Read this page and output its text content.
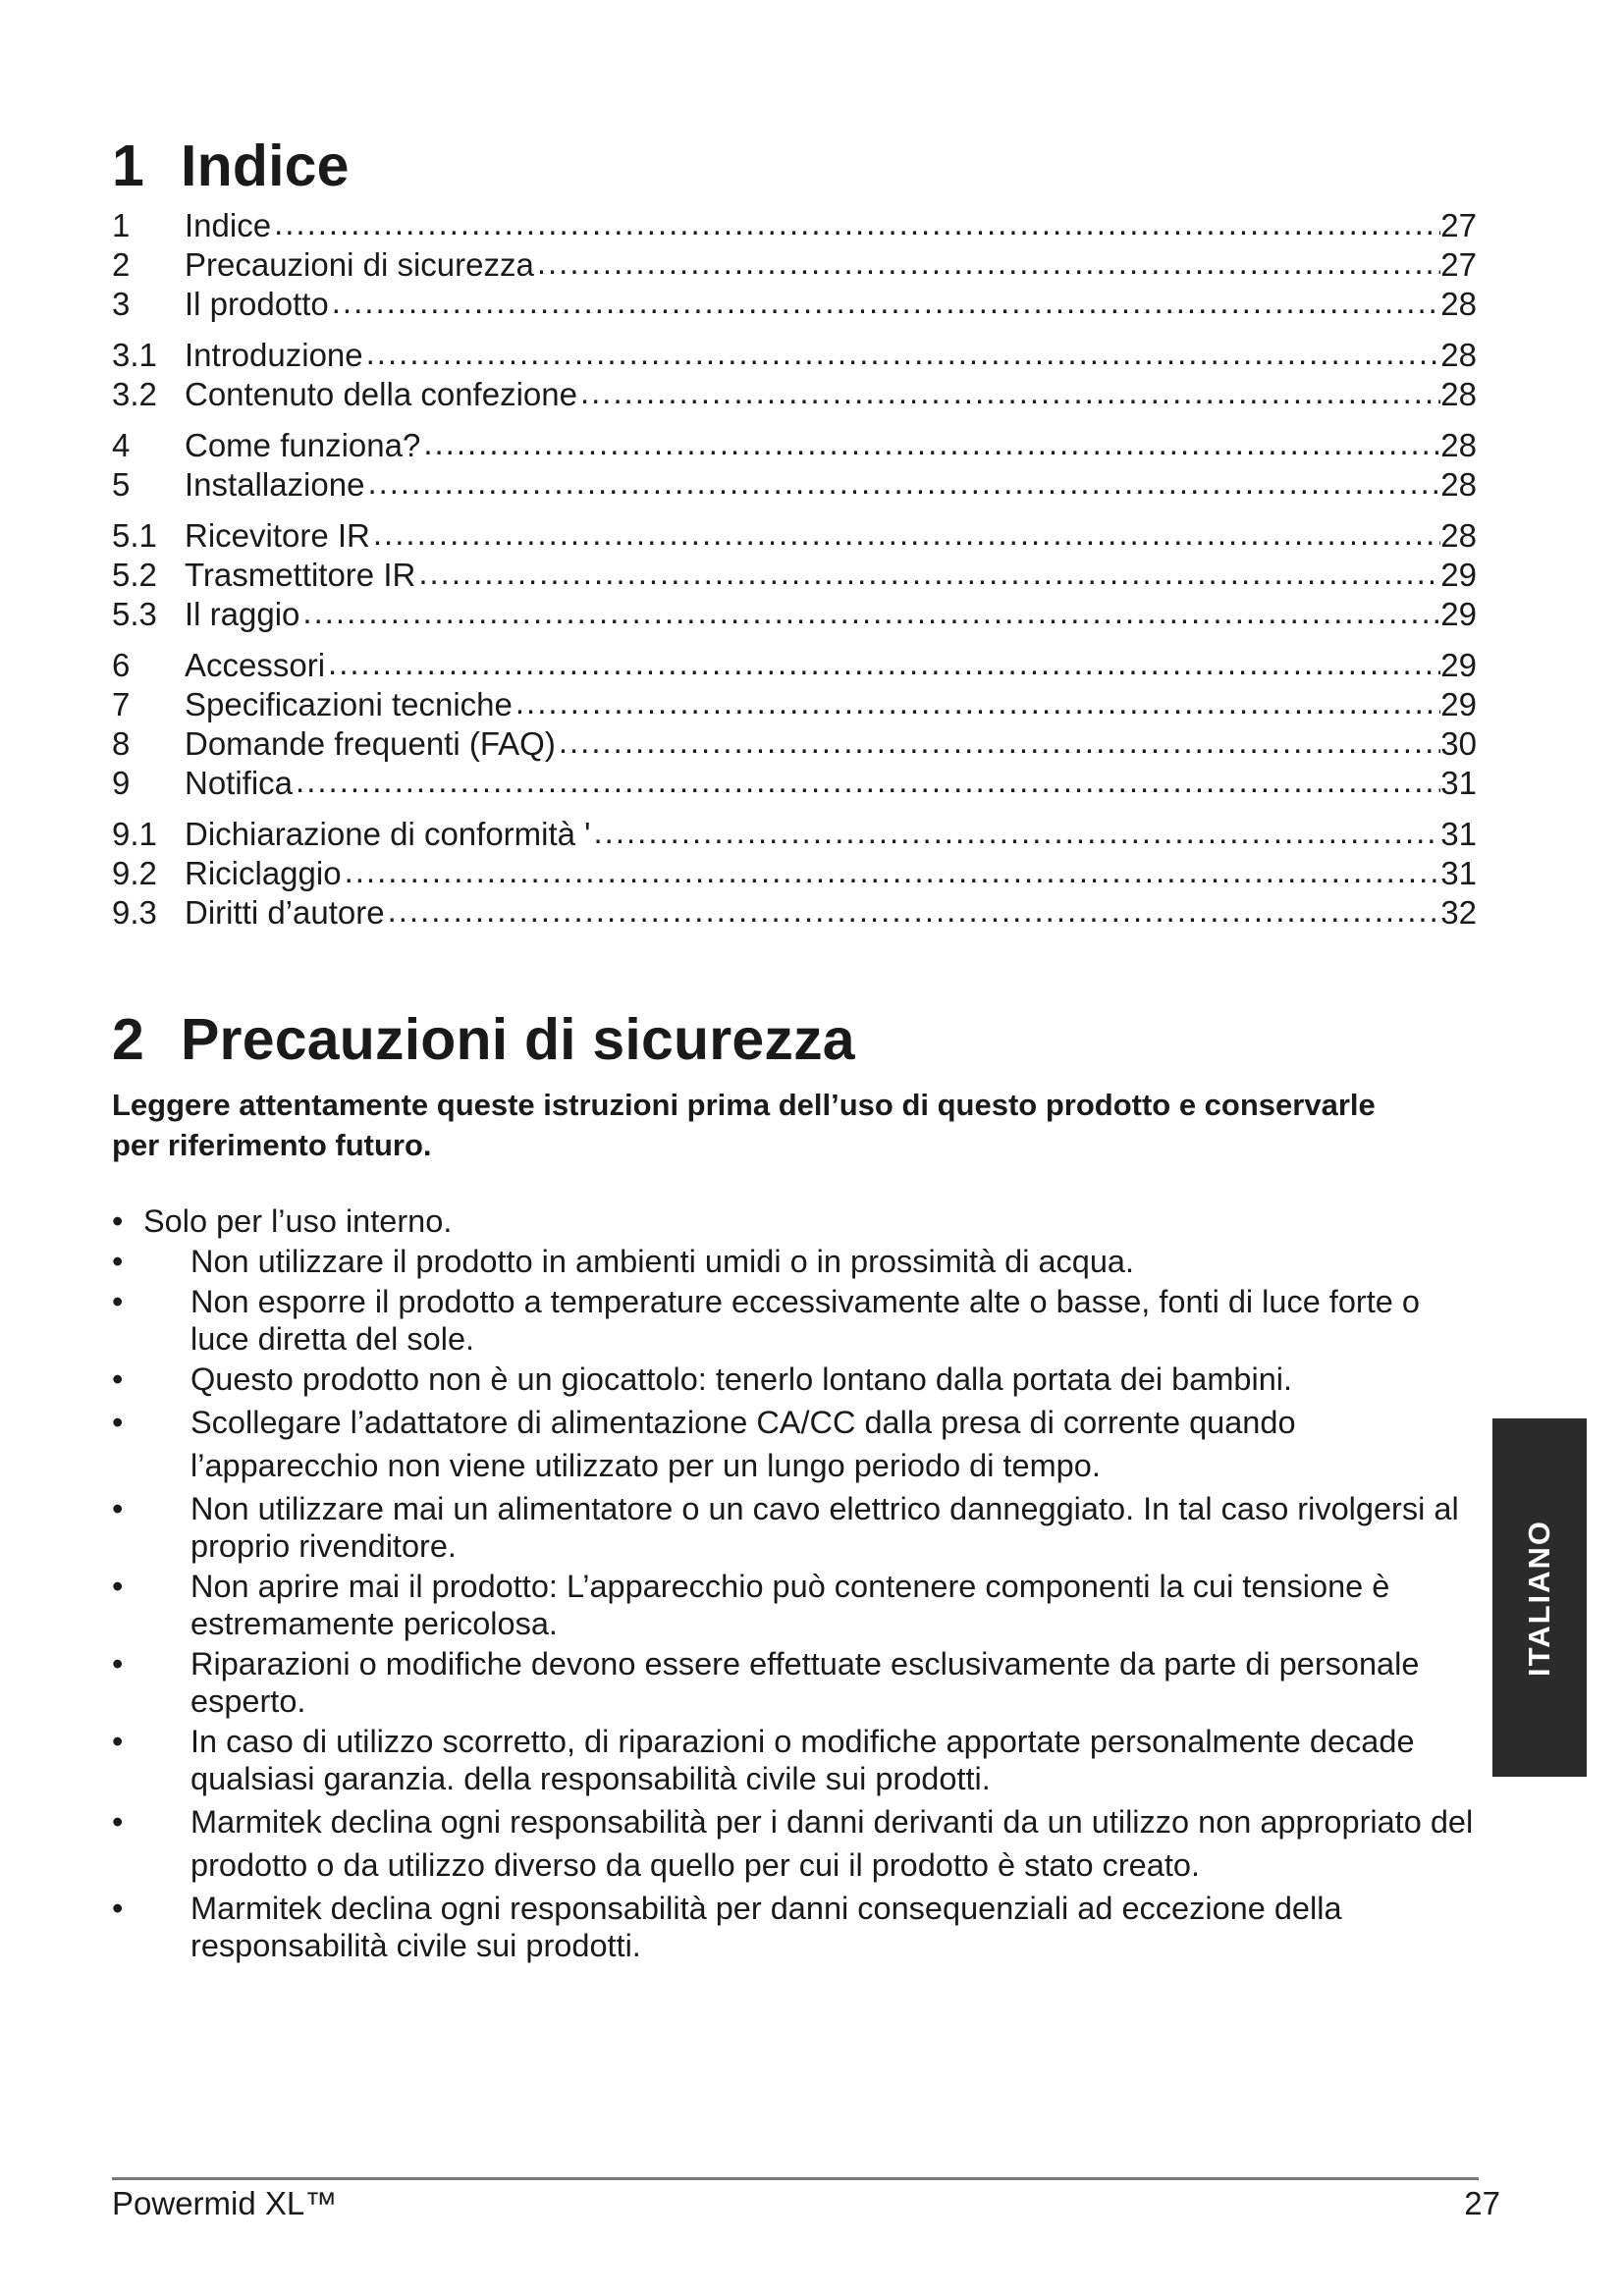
1 Indice
1	Indice .....	27
2	Precauzioni di sicurezza .....	27
3	Il prodotto .....	28
3.1 Introduzione .....	28
3.2 Contenuto della confezione .....	28
4	Come funziona? .....	28
5	Installazione .....	28
5.1 Ricevitore IR .....	28
5.2 Trasmettitore IR .....	29
5.3 Il raggio .....	29
6	Accessori .....	29
7	Specificazioni tecniche .....	29
8	Domande frequenti (FAQ) .....	30
9	Notifica .....	31
9.1 Dichiarazione di conformità ' .....	31
9.2 Riciclaggio .....	31
9.3 Diritti d’autore .....	32
2 Precauzioni di sicurezza

Leggere attentamente queste istruzioni prima dell’uso di questo prodotto e conservarle per riferimento futuro.

• Solo per l’uso interno.
•	Non utilizzare il prodotto in ambienti umidi o in prossimità di acqua.
•	Non esporre il prodotto a temperature eccessivamente alte o basse, fonti di luce forte o luce diretta del sole.
•	Questo prodotto non è un giocattolo: tenerlo lontano dalla portata dei bambini.
•	Scollegare l’adattatore di alimentazione CA/CC dalla presa di corrente quando l’apparecchio non viene utilizzato per un lungo periodo di tempo.
•	Non utilizzare mai un alimentatore o un cavo elettrico danneggiato. In tal caso rivolgersi al proprio rivenditore.
•	Non aprire mai il prodotto: L’apparecchio può contenere componenti la cui tensione è estremamente pericolosa.
•	Riparazioni o modifiche devono essere effettuate esclusivamente da parte di personale esperto.
•	In caso di utilizzo scorretto, di riparazioni o modifiche apportate personalmente decade qualsiasi garanzia. della responsabilità civile sui prodotti.
•	Marmitek declina ogni responsabilità per i danni derivanti da un utilizzo non appropriato del prodotto o da utilizzo diverso da quello per cui il prodotto è stato creato.
•	Marmitek declina ogni responsabilità per danni consequenziali ad eccezione della responsabilità civile sui prodotti.
ITALIANO
Powermid XL™	27
